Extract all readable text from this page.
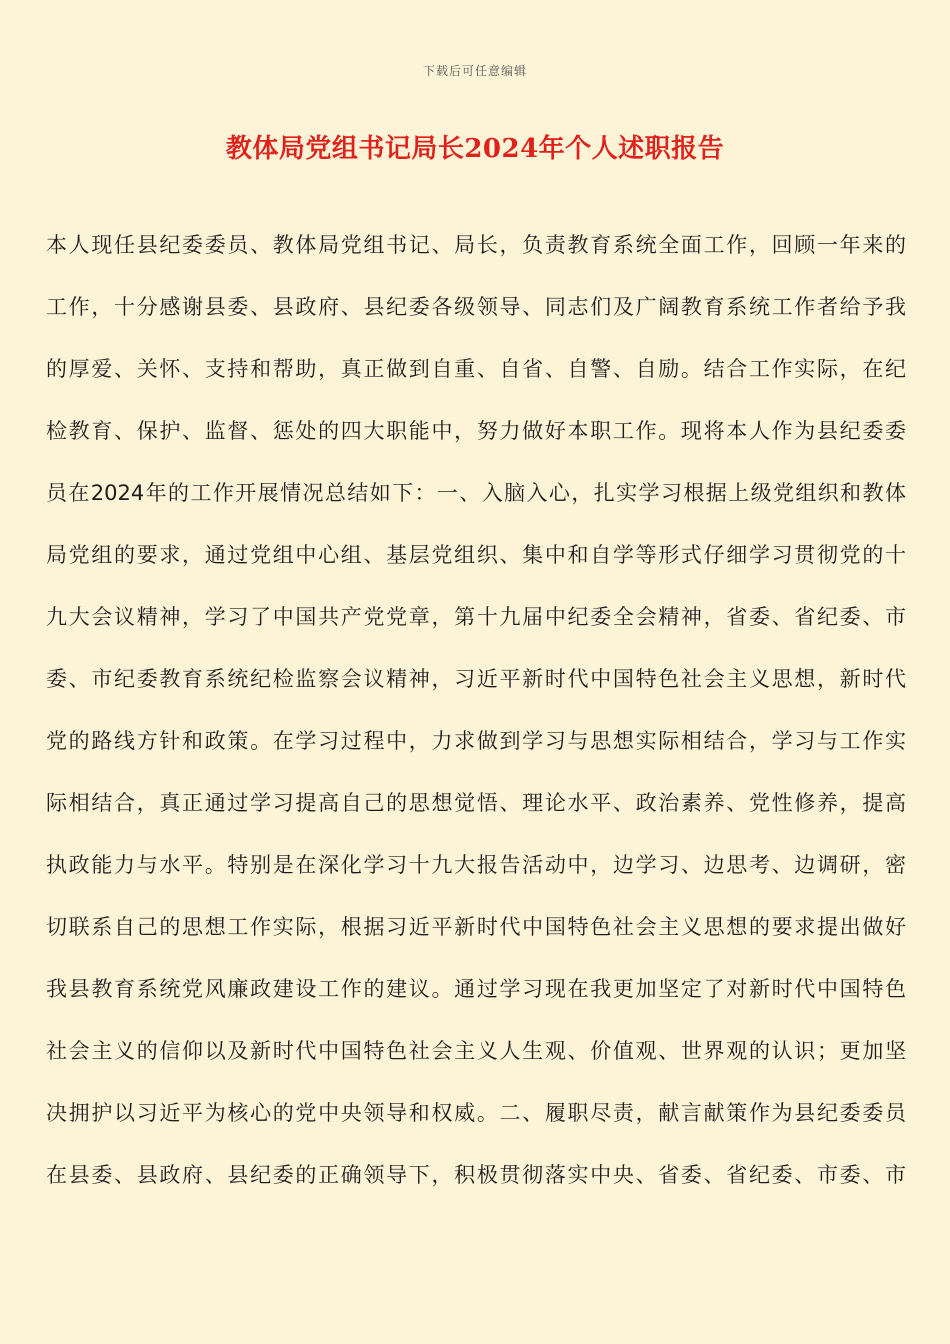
下载后可任意编辑
教体局党组书记局长2024年个人述职报告
本人现任县纪委委员、教体局党组书记、局长，负责教育系统全面工作，回顾一年来的
工作，十分感谢县委、县政府、县纪委各级领导、同志们及广阔教育系统工作者给予我
的厚爱、关怀、支持和帮助，真正做到自重、自省、自警、自励。结合工作实际，在纪
检教育、保护、监督、惩处的四大职能中，努力做好本职工作。现将本人作为县纪委委
员在2024年的工作开展情况总结如下：一、入脑入心，扎实学习根据上级党组织和教体
局党组的要求，通过党组中心组、基层党组织、集中和自学等形式仔细学习贯彻党的十
九大会议精神，学习了中国共产党党章，第十九届中纪委全会精神，省委、省纪委、市
委、市纪委教育系统纪检监察会议精神，习近平新时代中国特色社会主义思想，新时代
党的路线方针和政策。在学习过程中，力求做到学习与思想实际相结合，学习与工作实
际相结合，真正通过学习提高自己的思想觉悟、理论水平、政治素养、党性修养，提高
执政能力与水平。特别是在深化学习十九大报告活动中，边学习、边思考、边调研，密
切联系自己的思想工作实际，根据习近平新时代中国特色社会主义思想的要求提出做好
我县教育系统党风廉政建设工作的建议。通过学习现在我更加坚定了对新时代中国特色
社会主义的信仰以及新时代中国特色社会主义人生观、价值观、世界观的认识；更加坚
决拥护以习近平为核心的党中央领导和权威。二、履职尽责，献言献策作为县纪委委员
在县委、县政府、县纪委的正确领导下，积极贯彻落实中央、省委、省纪委、市委、市
